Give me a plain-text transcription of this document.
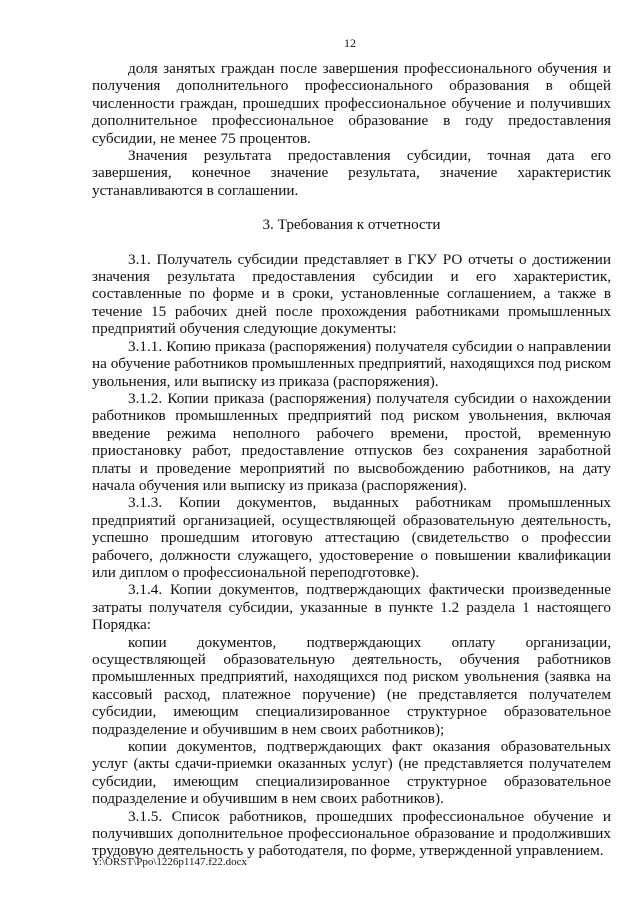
12

доля занятых граждан после завершения профессионального обучения и получения дополнительного профессионального образования в общей численности граждан, прошедших профессиональное обучение и получивших дополнительное профессиональное образование в году предоставления субсидии, не менее 75 процентов.

Значения результата предоставления субсидии, точная дата его завершения, конечное значение результата, значение характеристик устанавливаются в соглашении.

3. Требования к отчетности

3.1. Получатель субсидии представляет в ГКУ РО отчеты о достижении значения результата предоставления субсидии и его характеристик, составленные по форме и в сроки, установленные соглашением, а также в течение 15 рабочих дней после прохождения работниками промышленных предприятий обучения следующие документы:

3.1.1. Копию приказа (распоряжения) получателя субсидии о направлении на обучение работников промышленных предприятий, находящихся под риском увольнения, или выписку из приказа (распоряжения).

3.1.2. Копии приказа (распоряжения) получателя субсидии о нахождении работников промышленных предприятий под риском увольнения, включая введение режима неполного рабочего времени, простой, временную приостановку работ, предоставление отпусков без сохранения заработной платы и проведение мероприятий по высвобождению работников, на дату начала обучения или выписку из приказа (распоряжения).

3.1.3. Копии документов, выданных работникам промышленных предприятий организацией, осуществляющей образовательную деятельность, успешно прошедшим итоговую аттестацию (свидетельство о профессии рабочего, должности служащего, удостоверение о повышении квалификации или диплом о профессиональной переподготовке).

3.1.4. Копии документов, подтверждающих фактически произведенные затраты получателя субсидии, указанные в пункте 1.2 раздела 1 настоящего Порядка:

копии документов, подтверждающих оплату организации, осуществляющей образовательную деятельность, обучения работников промышленных предприятий, находящихся под риском увольнения (заявка на кассовый расход, платежное поручение) (не представляется получателем субсидии, имеющим специализированное структурное образовательное подразделение и обучившим в нем своих работников);

копии документов, подтверждающих факт оказания образовательных услуг (акты сдачи-приемки оказанных услуг) (не представляется получателем субсидии, имеющим специализированное структурное образовательное подразделение и обучившим в нем своих работников).

3.1.5. Список работников, прошедших профессиональное обучение и получивших дополнительное профессиональное образование и продолживших трудовую деятельность у работодателя, по форме, утвержденной управлением.

Y:\ORST\Ppo\1226p1147.f22.docx
